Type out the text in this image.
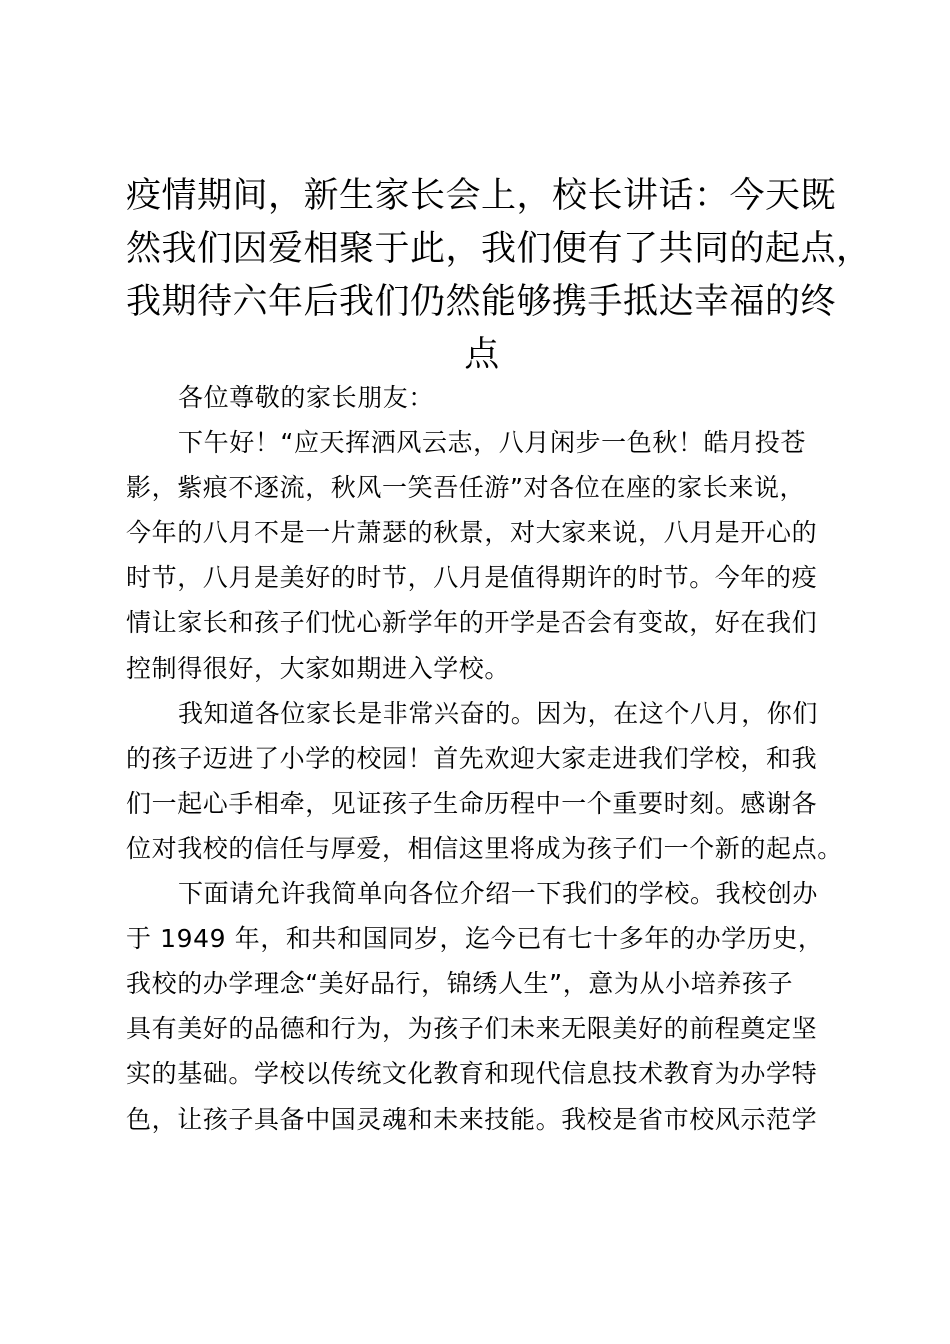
疫情期间，新生家长会上，校长讲话：今天既
然我们因爱相聚于此，我们便有了共同的起点，
我期待六年后我们仍然能够携手抵达幸福的终
点
各位尊敬的家长朋友：
下午好！“应天挥洒风云志，八月闲步一色秋！皓月投苍
影，紫痕不逐流，秋风一笑吾任游”对各位在座的家长来说，
今年的八月不是一片萧瑟的秋景，对大家来说，八月是开心的
时节，八月是美好的时节，八月是值得期许的时节。今年的疫
情让家长和孩子们忧心新学年的开学是否会有变故，好在我们
控制得很好，大家如期进入学校。
我知道各位家长是非常兴奋的。因为，在这个八月，你们
的孩子迈进了小学的校园！首先欢迎大家走进我们学校，和我
们一起心手相牵，见证孩子生命历程中一个重要时刻。感谢各
位对我校的信任与厚爱，相信这里将成为孩子们一个新的起点。
下面请允许我简单向各位介绍一下我们的学校。我校创办
于 1949 年，和共和国同岁，迄今已有七十多年的办学历史，
我校的办学理念“美好品行，锦绣人生”，意为从小培养孩子
具有美好的品德和行为，为孩子们未来无限美好的前程奠定坚
实的基础。学校以传统文化教育和现代信息技术教育为办学特
色，让孩子具备中国灵魂和未来技能。我校是省市校风示范学
